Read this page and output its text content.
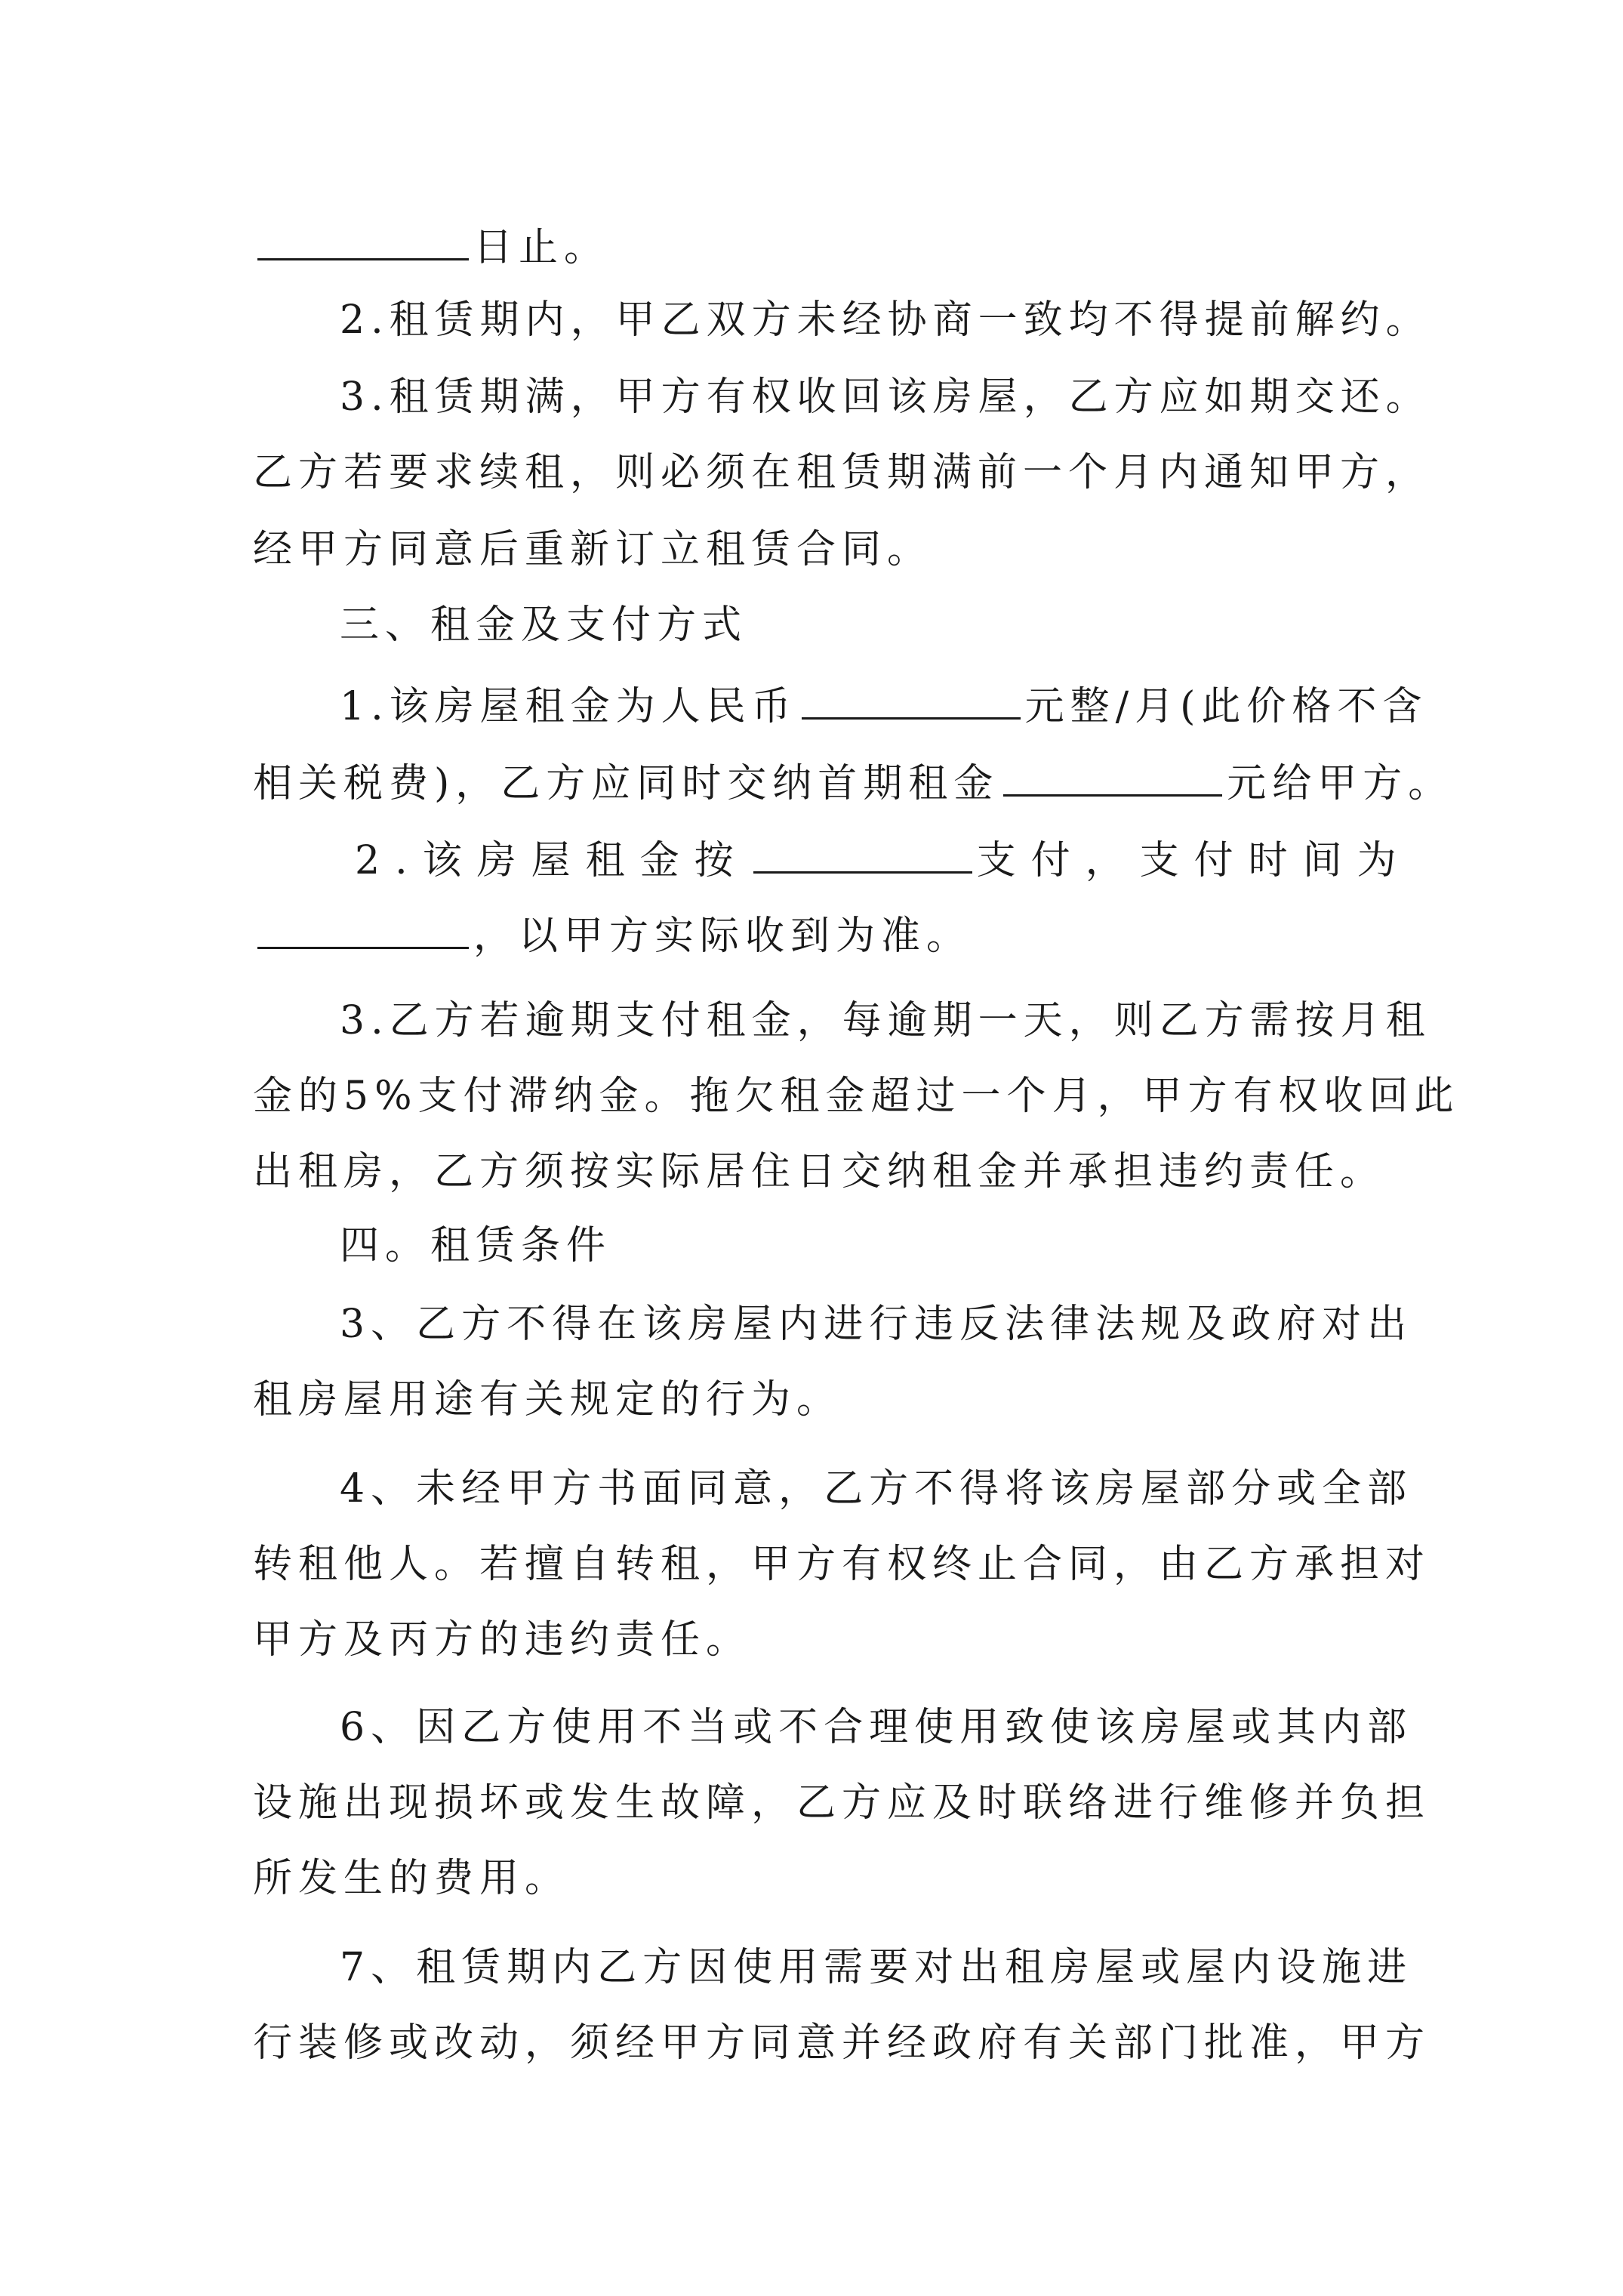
日止。
2.租赁期内，甲乙双方未经协商一致均不得提前解约。
3.租赁期满，甲方有权收回该房屋，乙方应如期交还。
乙方若要求续租，则必须在租赁期满前一个月内通知甲方，
经甲方同意后重新订立租赁合同。
三、租金及支付方式
1.该房屋租金为人民币	元整/月(此价格不含
相关税费)，乙方应同时交纳首期租金	元给甲方。
2.该房屋租金按	支付，支付时间为
，以甲方实际收到为准。
3.乙方若逾期支付租金，每逾期一天，则乙方需按月租
金的5%支付滞纳金。拖欠租金超过一个月，甲方有权收回此
出租房，乙方须按实际居住日交纳租金并承担违约责任。
四。租赁条件
3、乙方不得在该房屋内进行违反法律法规及政府对出
租房屋用途有关规定的行为。
4、未经甲方书面同意，乙方不得将该房屋部分或全部
转租他人。若擅自转租，甲方有权终止合同，由乙方承担对
甲方及丙方的违约责任。
6、因乙方使用不当或不合理使用致使该房屋或其内部
设施出现损坏或发生故障，乙方应及时联络进行维修并负担
所发生的费用。
7、租赁期内乙方因使用需要对出租房屋或屋内设施进
行装修或改动，须经甲方同意并经政府有关部门批准，甲方
